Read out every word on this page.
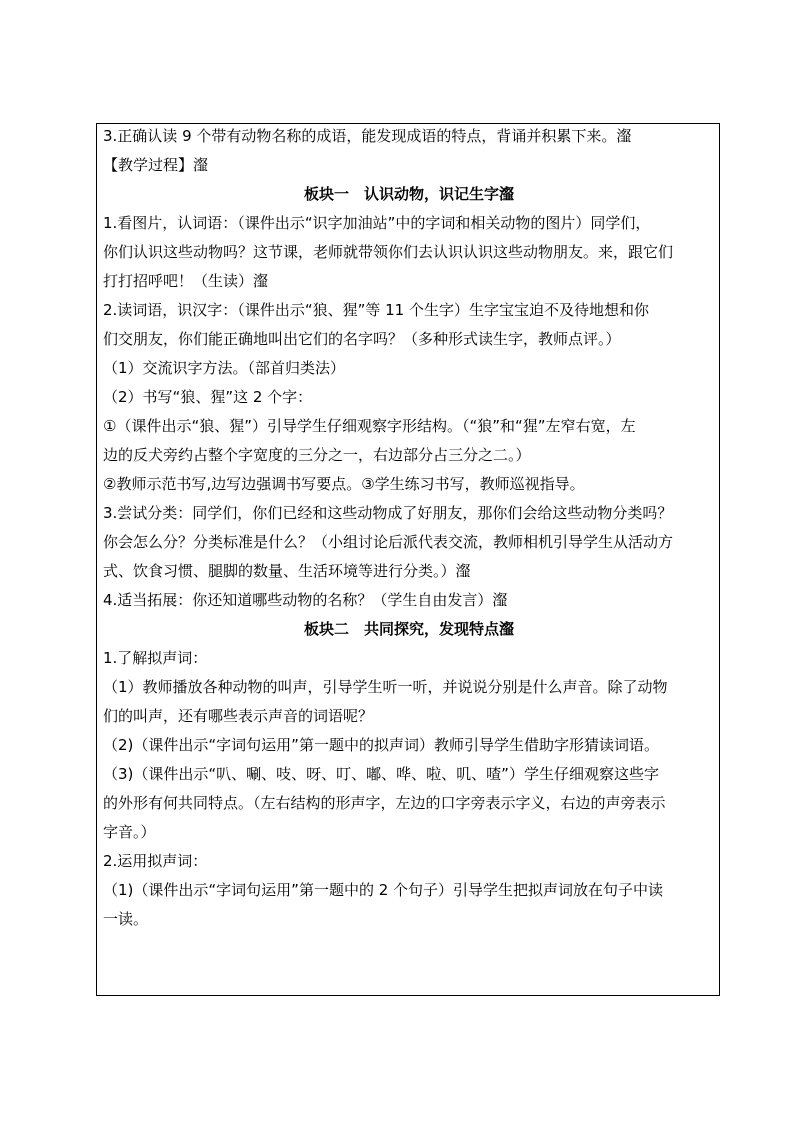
3.正确认读 9 个带有动物名称的成语，能发现成语的特点，背诵并积累下来。瀣
【教学过程】瀣
板块一　认识动物，识记生字瀣
1.看图片，认词语：（课件出示“识字加油站”中的字词和相关动物的图片）同学们，
你们认识这些动物吗？这节课，老师就带领你们去认识认识这些动物朋友。来，跟它们
打打招呼吧！（生读）瀣
2.读词语，识汉字：（课件出示“狼、猩”等 11 个生字）生字宝宝迫不及待地想和你
们交朋友，你们能正确地叫出它们的名字吗？（多种形式读生字，教师点评。）
（1）交流识字方法。（部首归类法）
（2）书写“狼、猩”这 2 个字：
①（课件出示“狼、猩”）引导学生仔细观察字形结构。（“狼”和“猩”左窄右宽，左
边的反犬旁约占整个字宽度的三分之一，右边部分占三分之二。）
②教师示范书写,边写边强调书写要点。③学生练习书写，教师巡视指导。
3.尝试分类：同学们，你们已经和这些动物成了好朋友，那你们会给这些动物分类吗？
你会怎么分？分类标准是什么？（小组讨论后派代表交流，教师相机引导学生从活动方
式、饮食习惯、腿脚的数量、生活环境等进行分类。）瀣
4.适当拓展：你还知道哪些动物的名称？（学生自由发言）瀣
板块二　共同探究，发现特点瀣
1.了解拟声词：
（1）教师播放各种动物的叫声，引导学生听一听，并说说分别是什么声音。除了动物
们的叫声，还有哪些表示声音的词语呢？
（2)（课件出示“字词句运用”第一题中的拟声词）教师引导学生借助字形猜读词语。
（3)（课件出示“叭、唰、吱、呀、叮、嘟、哗、啦、叽、喳”）学生仔细观察这些字
的外形有何共同特点。（左右结构的形声字，左边的口字旁表示字义，右边的声旁表示
字音。）
2.运用拟声词：
（1)（课件出示“字词句运用”第一题中的 2 个句子）引导学生把拟声词放在句子中读
一读。
